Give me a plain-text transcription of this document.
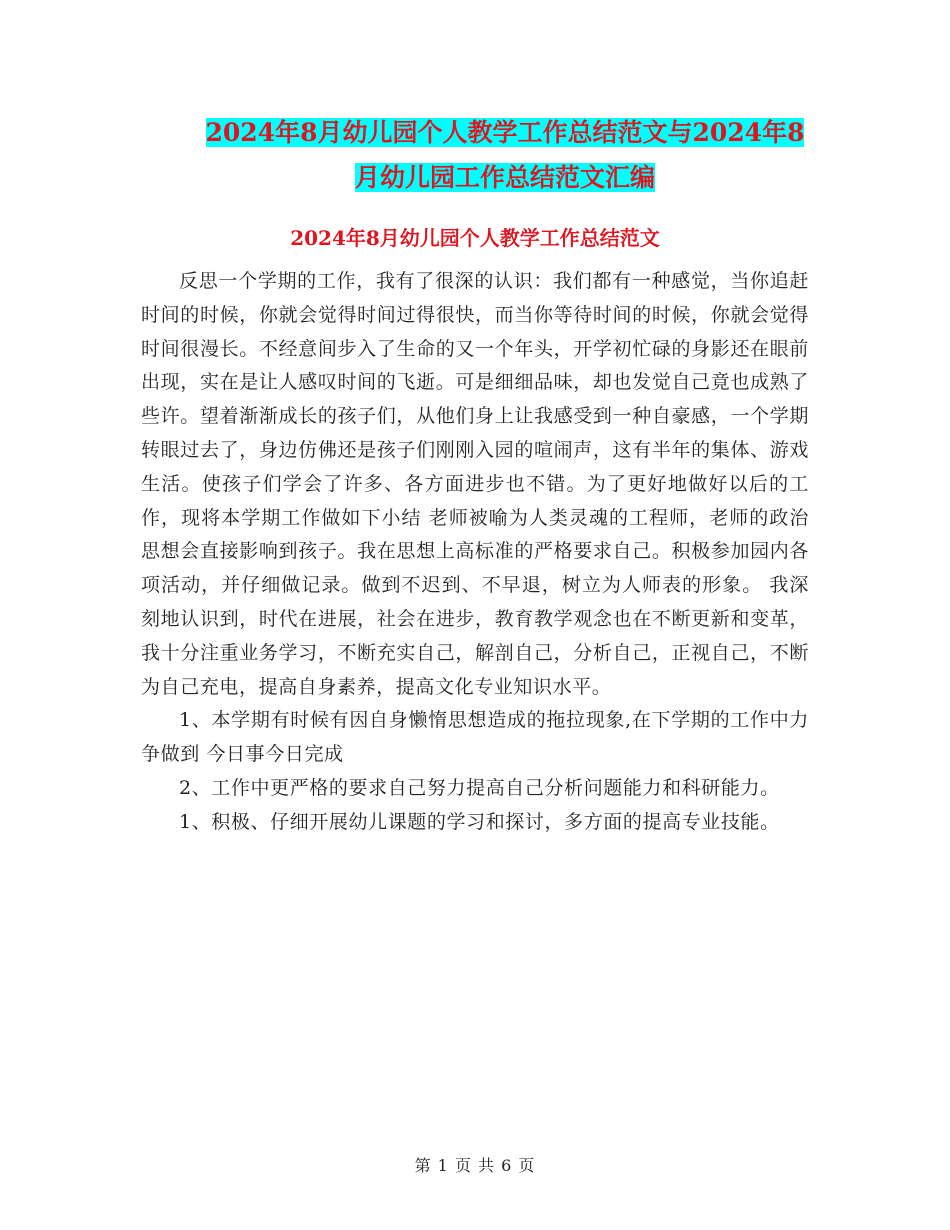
2024年8月幼儿园个人教学工作总结范文与2024年8
月幼儿园工作总结范文汇编
2024年8月幼儿园个人教学工作总结范文

反思一个学期的工作，我有了很深的认识：我们都有一种感觉，当你追赶时间的时候，你就会觉得时间过得很快，而当你等待时间的时候，你就会觉得时间很漫长。不经意间步入了生命的又一个年头，开学初忙碌的身影还在眼前出现，实在是让人感叹时间的飞逝。可是细细品味，却也发觉自己竟也成熟了些许。望着渐渐成长的孩子们，从他们身上让我感受到一种自豪感，一个学期转眼过去了，身边仿佛还是孩子们刚刚入园的喧闹声，这有半年的集体、游戏生活。使孩子们学会了许多、各方面进步也不错。为了更好地做好以后的工作，现将本学期工作做如下小结 老师被喻为人类灵魂的工程师，老师的政治思想会直接影响到孩子。我在思想上高标准的严格要求自己。积极参加园内各项活动，并仔细做记录。做到不迟到、不早退，树立为人师表的形象。 我深刻地认识到，时代在进展，社会在进步，教育教学观念也在不断更新和变革，我十分注重业务学习，不断充实自己，解剖自己，分析自己，正视自己，不断为自己充电，提高自身素养，提高文化专业知识水平。

1、本学期有时候有因自身懒惰思想造成的拖拉现象,在下学期的工作中力争做到 今日事今日完成

2、工作中更严格的要求自己努力提高自己分析问题能力和科研能力。

1、积极、仔细开展幼儿课题的学习和探讨，多方面的提高专业技能。

第 1 页 共 6 页
